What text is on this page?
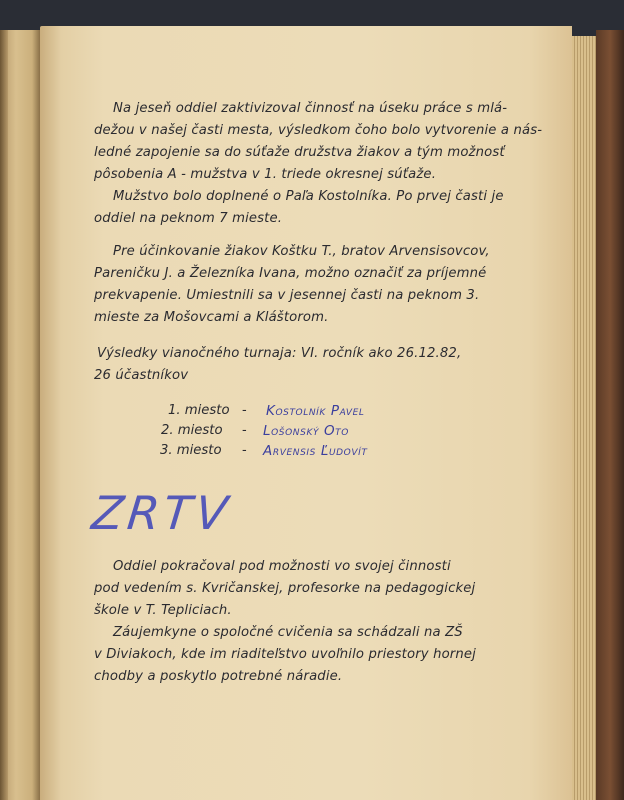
Na jeseň oddiel zaktivizoval činnosť na úseku práce s mlá-
dežou v našej časti mesta, výsledkom čoho bolo vytvorenie a nás-
ledné zapojenie sa do súťaže družstva žiakov a tým možnosť
pôsobenia A - mužstva v 1. triede okresnej súťaže.
Mužstvo bolo doplnené o Paľa Kostolníka. Po prvej časti je
oddiel na peknom 7 mieste.
Pre účinkovanie žiakov Koštku T., bratov Arvensisovcov,
Pareničku J. a Železníka Ivana, možno označiť za príjemné
prekvapenie. Umiestnili sa v jesennej časti na peknom 3.
mieste za Mošovcami a Kláštorom.
Výsledky vianočného turnaja: VI. ročník ako 26.12.82,
26 účastníkov
1. miesto - Kostolník Pavel
2. miesto - Lošonský Oto
3. miesto - Arvensis Ľudovít
ZRTV
Oddiel pokračoval pod možnosti vo svojej činnosti
pod vedením s. Kvričanskej, profesorke na pedagogickej
škole v T. Tepliciach.
Záujemkyne o spoločné cvičenia sa schádzali na ZŠ
v Diviakoch, kde im riaditeľstvo uvoľnilo priestory hornej
chodby a poskytlo potrebné náradie.
